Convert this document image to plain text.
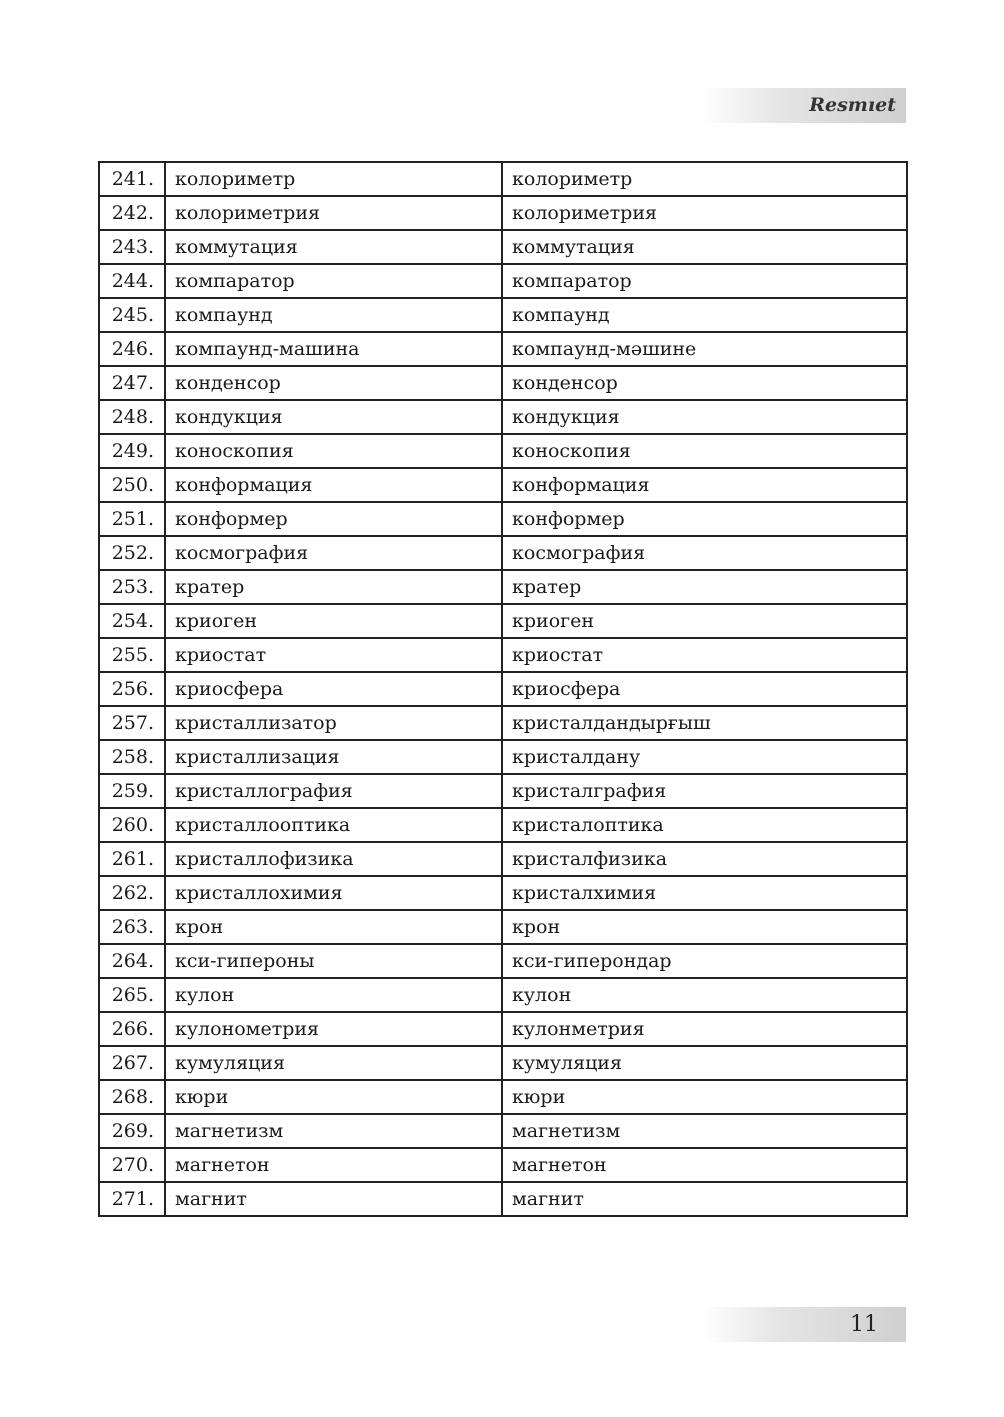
Resmıet
241.	колориметр	колориметр
242.	колориметрия	колориметрия
243.	коммутация	коммутация
244.	компаратор	компаратор
245.	компаунд	компаунд
246.	компаунд-машина	компаунд-мәшине
247.	конденсор	конденсор
248.	кондукция	кондукция
249.	коноскопия	коноскопия
250.	конформация	конформация
251.	конформер	конформер
252.	космография	космография
253.	кратер	кратер
254.	криоген	криоген
255.	криостат	криостат
256.	криосфера	криосфера
257.	кристаллизатор	кристалдандырғыш
258.	кристаллизация	кристалдану
259.	кристаллография	кристалграфия
260.	кристаллооптика	кристалоптика
261.	кристаллофизика	кристалфизика
262.	кристаллохимия	кристалхимия
263.	крон	крон
264.	кси-гипероны	кси-гиперондар
265.	кулон	кулон
266.	кулонометрия	кулонметрия
267.	кумуляция	кумуляция
268.	кюри	кюри
269.	магнетизм	магнетизм
270.	магнетон	магнетон
271.	магнит	магнит
11
